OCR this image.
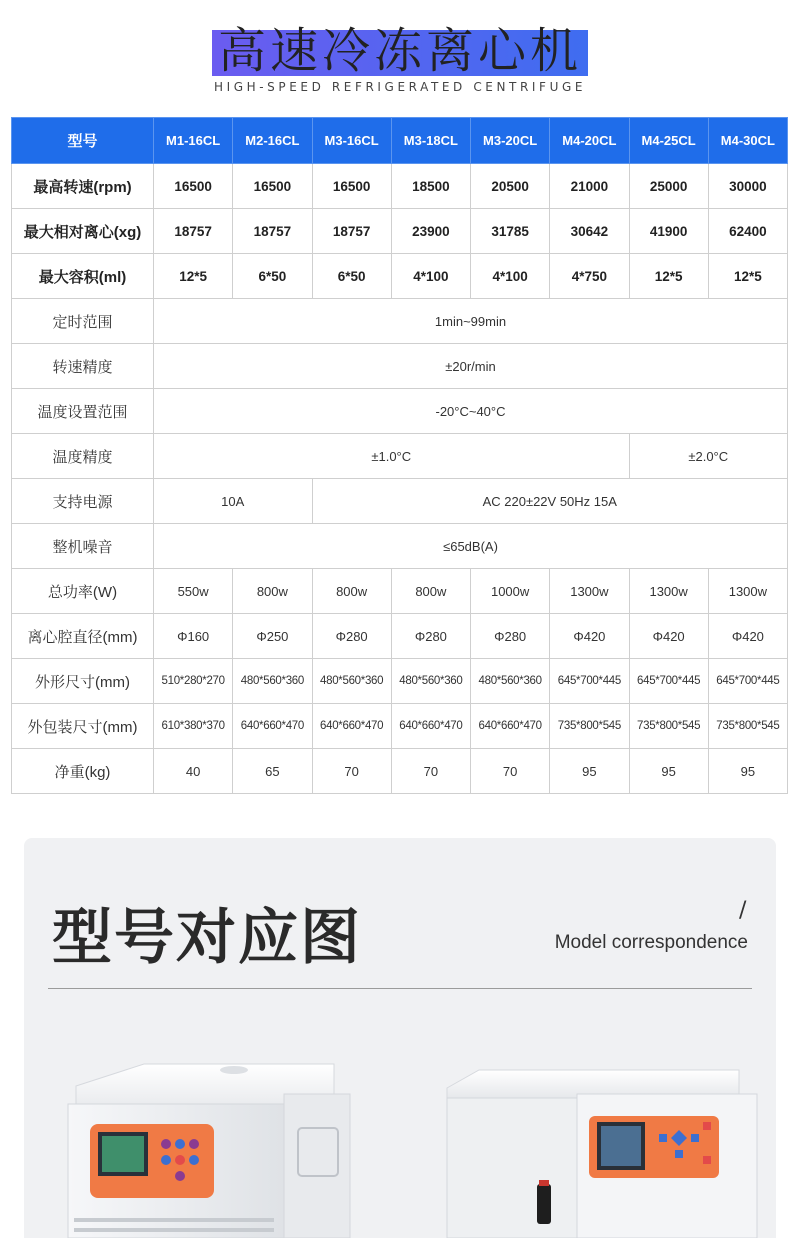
高速冷冻离心机
HIGH-SPEED REFRIGERATED CENTRIFUGE
型号	M1-16CL	M2-16CL	M3-16CL	M3-18CL	M3-20CL	M4-20CL	M4-25CL	M4-30CL
最高转速(rpm)	16500	16500	16500	18500	20500	21000	25000	30000
最大相对离心(xg)	18757	18757	18757	23900	31785	30642	41900	62400
最大容积(ml)	12*5	6*50	6*50	4*100	4*100	4*750	12*5	12*5
定时范围	1min~99min							
转速精度	±20r/min							
温度设置范围	-20°C~40°C							
温度精度	±1.0°C						±2.0°C	
支持电源	10A		AC 220±22V 50Hz 15A					
整机噪音	≤65dB(A)							
总功率(W)	550w	800w	800w	800w	1000w	1300w	1300w	1300w
离心腔直径(mm)	Φ160	Φ250	Φ280	Φ280	Φ280	Φ420	Φ420	Φ420
外形尺寸(mm)	510*280*270	480*560*360	480*560*360	480*560*360	480*560*360	645*700*445	645*700*445	645*700*445
外包装尺寸(mm)	610*380*370	640*660*470	640*660*470	640*660*470	640*660*470	735*800*545	735*800*545	735*800*545
净重(kg)	40	65	70	70	70	95	95	95
型号对应图	/
Model correspondence
